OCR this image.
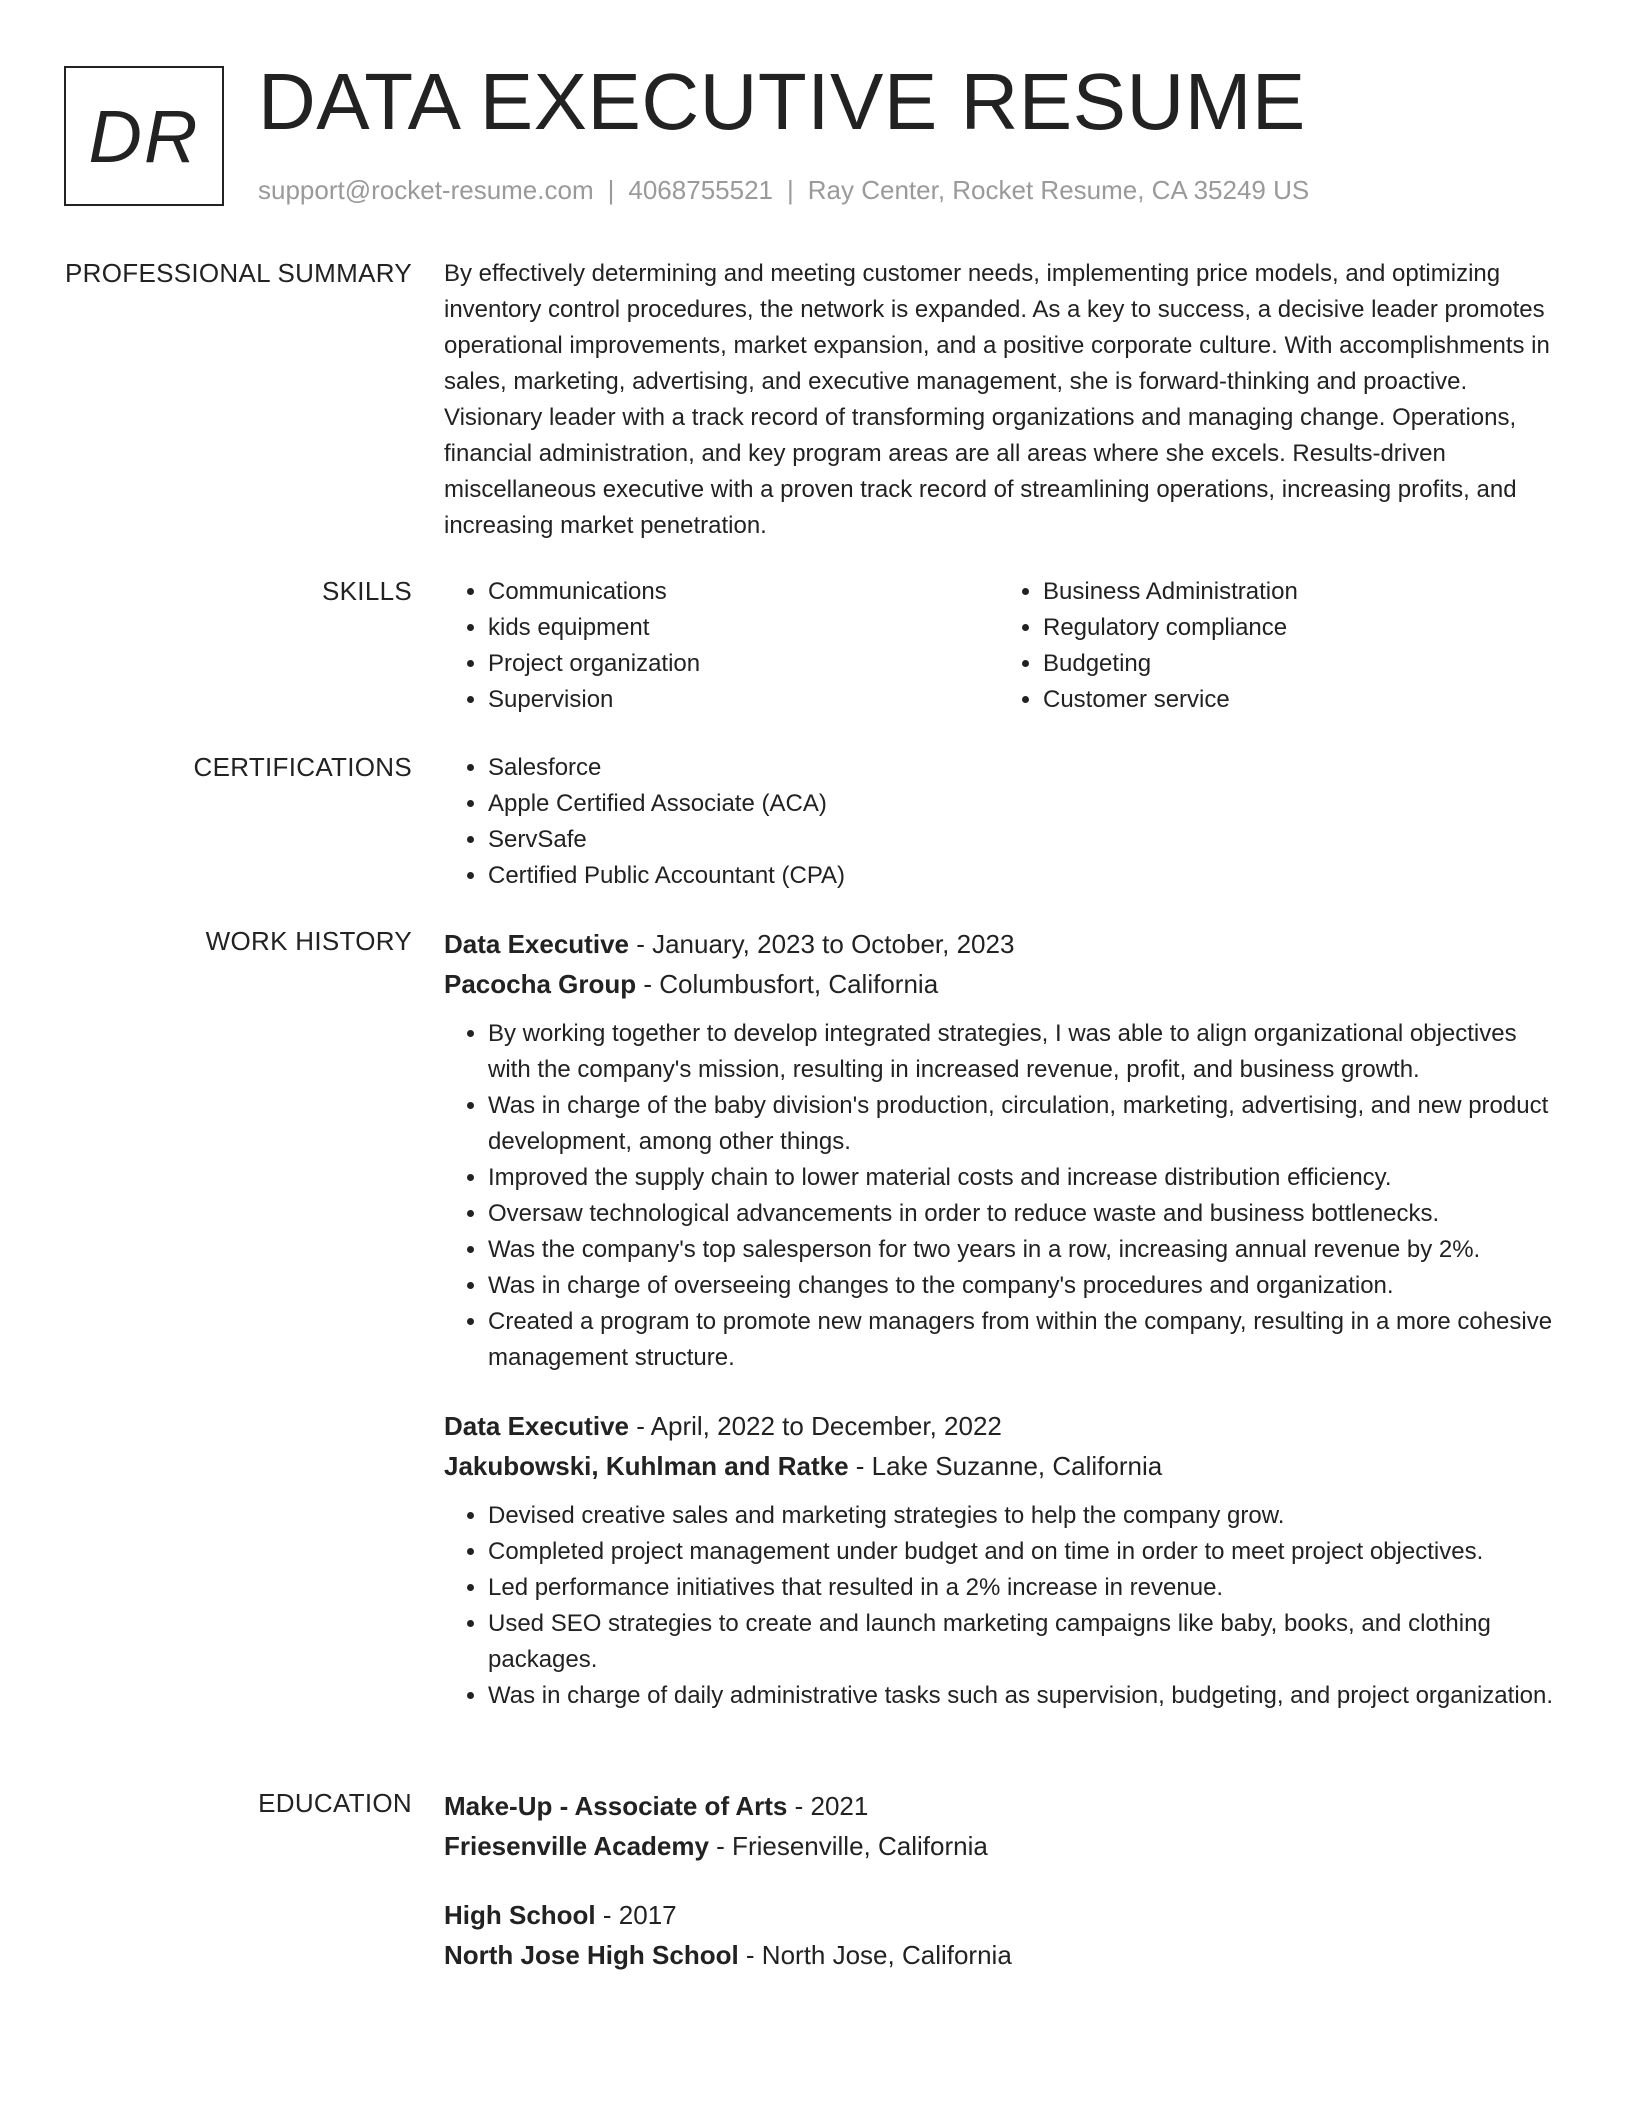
DR DATA EXECUTIVE RESUME
support@rocket-resume.com | 4068755521 | Ray Center, Rocket Resume, CA 35249 US
PROFESSIONAL SUMMARY By effectively determining and meeting customer needs, implementing price models, and optimizing inventory control procedures, the network is expanded. As a key to success, a decisive leader promotes operational improvements, market expansion, and a positive corporate culture. With accomplishments in sales, marketing, advertising, and executive management, she is forward-thinking and proactive. Visionary leader with a track record of transforming organizations and managing change. Operations, financial administration, and key program areas are all areas where she excels. Results-driven miscellaneous executive with a proven track record of streamlining operations, increasing profits, and increasing market penetration.

SKILLS	• Communications
• kids equipment
• Project organization
• Supervision
• Business Administration
• Regulatory compliance
• Budgeting
• Customer service
CERTIFICATIONS	• Salesforce
• Apple Certified Associate (ACA)
• ServSafe
• Certified Public Accountant (CPA)
WORK HISTORY Data Executive - January, 2023 to October, 2023
Pacocha Group - Columbusfort, California
• By working together to develop integrated strategies, I was able to align organizational objectives with the company's mission, resulting in increased revenue, profit, and business growth.
• Was in charge of the baby division's production, circulation, marketing, advertising, and new product development, among other things.
• Improved the supply chain to lower material costs and increase distribution efficiency.
• Oversaw technological advancements in order to reduce waste and business bottlenecks.
• Was the company's top salesperson for two years in a row, increasing annual revenue by 2%.
• Was in charge of overseeing changes to the company's procedures and organization.
• Created a program to promote new managers from within the company, resulting in a more cohesive management structure.
Data Executive - April, 2022 to December, 2022
Jakubowski, Kuhlman and Ratke - Lake Suzanne, California
• Devised creative sales and marketing strategies to help the company grow.
• Completed project management under budget and on time in order to meet project objectives.
• Led performance initiatives that resulted in a 2% increase in revenue.
• Used SEO strategies to create and launch marketing campaigns like baby, books, and clothing packages.
• Was in charge of daily administrative tasks such as supervision, budgeting, and project organization.
EDUCATION Make-Up - Associate of Arts - 2021
Friesenville Academy - Friesenville, California
High School - 2017
North Jose High School - North Jose, California
